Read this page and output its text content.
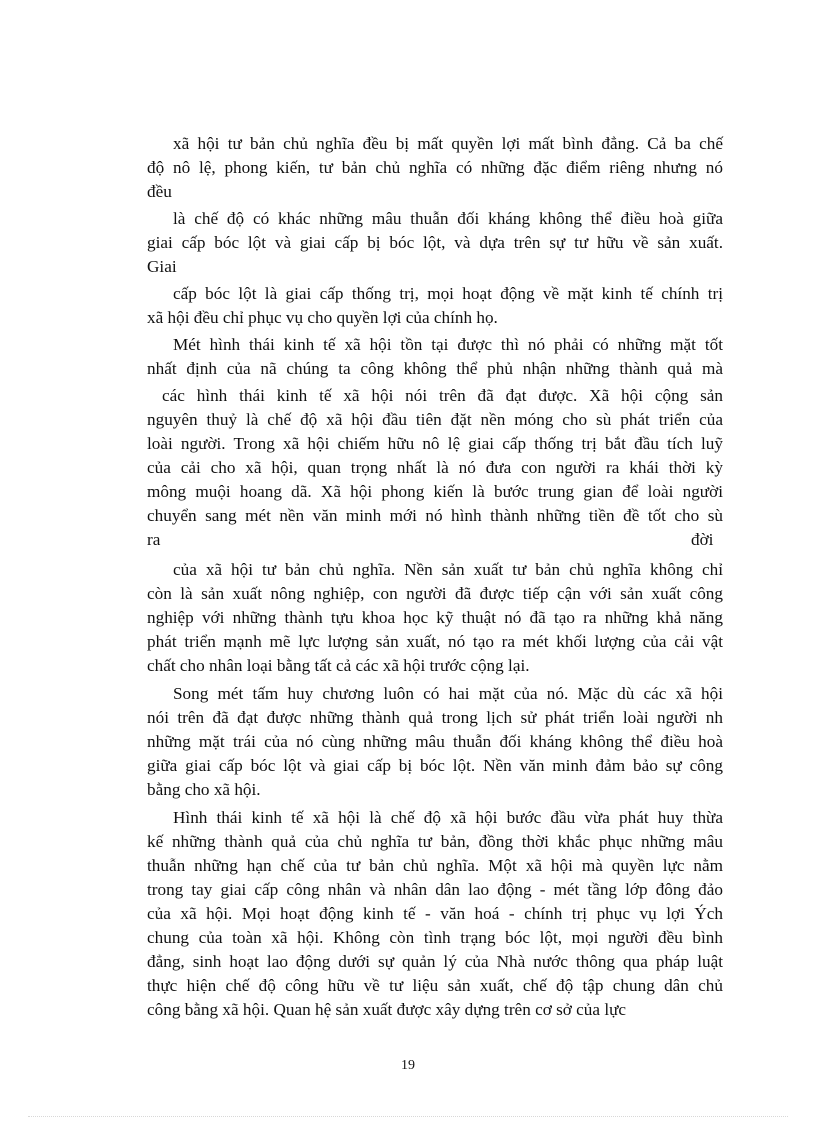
xã hội tư bản chủ nghĩa đều bị mất quyền lợi mất bình đẳng. Cả ba chế
độ nô lệ, phong kiến, tư bản chủ nghĩa có những đặc điểm riêng nhưng nó
đều
là chế độ có khác những mâu thuẫn đối kháng không thể điều hoà giữa
giai cấp bóc lột và giai cấp bị bóc lột, và dựa trên sự tư hữu về sản xuất.
Giai
cấp bóc lột là giai cấp thống trị, mọi hoạt động về mặt kinh tế chính trị
xã hội đều chỉ phục vụ cho quyền lợi của chính họ.
Mét hình thái kinh tế xã hội tồn tại được thì nó phải có những mặt tốt
nhất định của nã chúng ta công không thể phủ nhận những thành quả mà
các hình thái kinh tế xã hội nói trên đã đạt được. Xã hội cộng sản
nguyên thuỷ là chế độ xã hội đầu tiên đặt nền móng cho sù phát triển của
loài người. Trong xã hội chiếm hữu nô lệ giai cấp thống trị bắt đầu tích luỹ
của cải cho xã hội, quan trọng nhất là nó đưa con người ra khái thời kỳ
mông muội hoang dã. Xã hội phong kiến là bước trung gian để loài người
chuyển sang mét nền văn minh mới nó hình thành những tiền đề tốt cho sù
ra	đời
của xã hội tư bản chủ nghĩa. Nền sản xuất tư bản chủ nghĩa không chỉ
còn là sản xuất nông nghiệp, con người đã được tiếp cận với sản xuất công
nghiệp với những thành tựu khoa học kỹ thuật nó đã tạo ra những khả năng
phát triển mạnh mẽ lực lượng sản xuất, nó tạo ra mét khối lượng của cải vật
chất cho nhân loại bằng tất cả các xã hội trước cộng lại.
Song mét tấm huy chương luôn có hai mặt của nó. Mặc dù các xã hội
nói trên đã đạt được những thành quả trong lịch sử phát triển loài người nh
những mặt trái của nó cùng những mâu thuẫn đối kháng không thể điều hoà
giữa giai cấp bóc lột và giai cấp bị bóc lột. Nền văn minh đảm bảo sự công
bằng cho xã hội.
Hình thái kinh tế xã hội là chế độ xã hội bước đầu vừa phát huy thừa
kế những thành quả của chủ nghĩa tư bản, đồng thời khắc phục những mâu
thuẫn những hạn chế của tư bản chủ nghĩa. Một xã hội mà quyền lực nằm
trong tay giai cấp công nhân và nhân dân lao động - mét tầng lớp đông đảo
của xã hội. Mọi hoạt động kinh tế - văn hoá - chính trị phục vụ lợi Ých
chung của toàn xã hội. Không còn tình trạng bóc lột, mọi người đều bình
đẳng, sinh hoạt lao động dưới sự quản lý của Nhà nước thông qua pháp luật
thực hiện chế độ công hữu về tư liệu sản xuất, chế độ tập chung dân chủ
công bằng xã hội. Quan hệ sản xuất được xây dựng trên cơ sở của lực
19
